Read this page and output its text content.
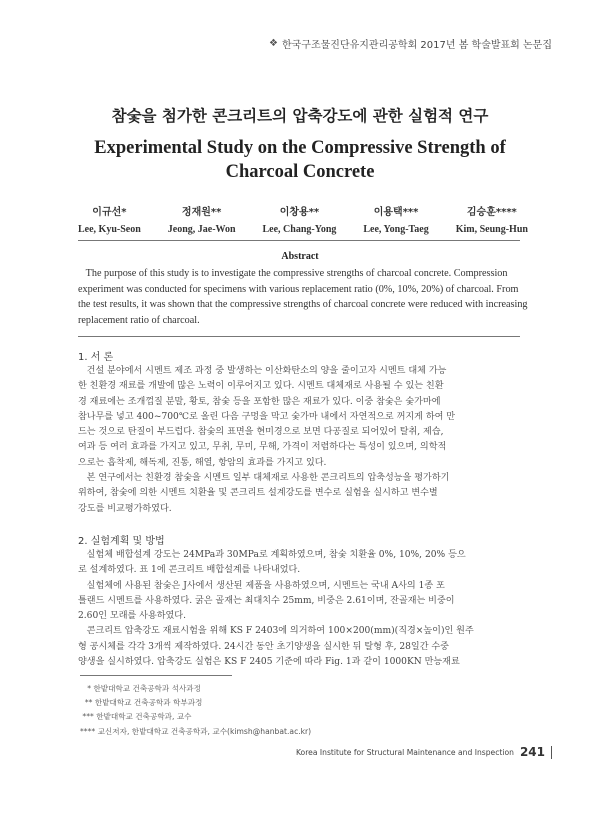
❖ 한국구조물진단유지관리공학회 2017년 봄 학술발표회 논문집
참숯을 첨가한 콘크리트의 압축강도에 관한 실험적 연구
Experimental Study on the Compressive Strength of
Charcoal Concrete
이규선*
Lee, Kyu-Seon
정재원**
Jeong, Jae-Won
이창용**
Lee, Chang-Yong
이용택***
Lee, Yong-Taeg
김승훈****
Kim, Seung-Hun
Abstract
The purpose of this study is to investigate the compressive strengths of charcoal concrete. Compression
experiment was conducted for specimens with various replacement ratio (0%, 10%, 20%) of charcoal. From
the test results, it was shown that the compressive strengths of charcoal concrete were reduced with increasing
replacement ratio of charcoal.
1. 서 론
건설 분야에서 시멘트 제조 과정 중 발생하는 이산화탄소의 양을 줄이고자 시멘트 대체 가능
한 친환경 재료를 개발에 많은 노력이 이루어지고 있다. 시멘트 대체재로 사용될 수 있는 친환
경 재료에는 조개껍질 분말, 황토, 참숯 등을 포함한 많은 재료가 있다. 이중 참숯은 숯가마에
참나무를 넣고 400~700℃로 올린 다음 구멍을 막고 숯가마 내에서 자연적으로 꺼지게 하여 만
드는 것으로 탄질이 부드럽다. 참숯의 표면을 현미경으로 보면 다공질로 되어있어 탈취, 제습,
여과 등 여러 효과를 가지고 있고, 무취, 무미, 무해, 가격이 저렴하다는 특성이 있으며, 의학적
으로는 흡착제, 해독제, 진통, 해열, 항암의 효과를 가지고 있다.
본 연구에서는 친환경 참숯을 시멘트 일부 대체재로 사용한 콘크리트의 압축성능을 평가하기
위하여, 참숯에 의한 시멘트 치환율 및 콘크리트 설계강도를 변수로 실험을 실시하고 변수별
강도를 비교평가하였다.
2. 실험계획 및 방법
실험체 배합설계 강도는 24MPa과 30MPa로 계획하였으며, 참숯 치환율 0%, 10%, 20% 등으
로 설계하였다. 표 1에 콘크리트 배합설계를 나타내었다.
실험체에 사용된 참숯은 J사에서 생산된 제품을 사용하였으며, 시멘트는 국내 A사의 1종 포
틀랜드 시멘트를 사용하였다. 굵은 골재는 최대치수 25mm, 비중은 2.61이며, 잔골재는 비중이
2.60인 모래를 사용하였다.
콘크리트 압축강도 재료시험을 위해 KS F 2403에 의거하여 100×200(mm)(직경×높이)인 원주
형 공시체를 각각 3개씩 제작하였다. 24시간 동안 초기양생을 실시한 뒤 탈형 후, 28일간 수중
양생을 실시하였다. 압축강도 실험은 KS F 2405 기준에 따라 Fig. 1과 같이 1000KN 만능재료
* 한밭대학교 건축공학과 석사과정
** 한밭대학교 건축공학과 학부과정
*** 한밭대학교 건축공학과, 교수
**** 교신저자, 한밭대학교 건축공학과, 교수(kimsh@hanbat.ac.kr)
Korea Institute for Structural Maintenance and Inspection 241
